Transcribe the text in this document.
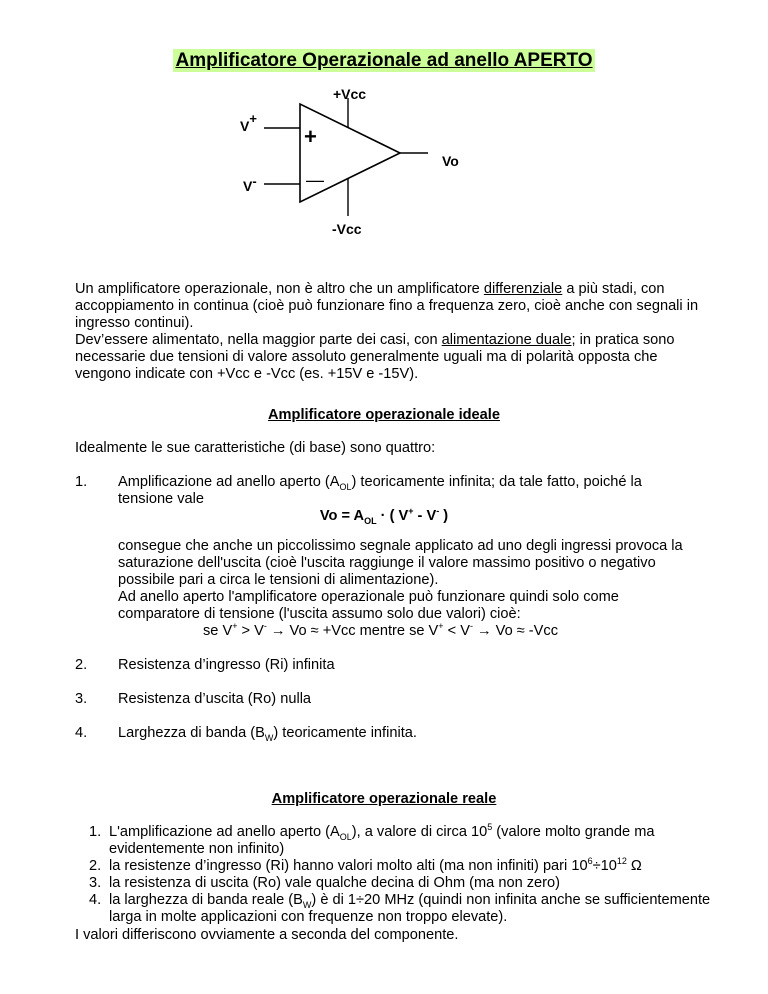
Amplificatore Operazionale ad anello APERTO
+Vcc
-Vcc
V+
V-
+
—
Vo
Un amplificatore operazionale, non è altro che un amplificatore differenziale a più stadi, con accoppiamento in continua (cioè può funzionare fino a frequenza zero, cioè anche con segnali in ingresso continui).
Dev’essere alimentato, nella maggior parte dei casi, con alimentazione duale; in pratica sono necessarie due tensioni di valore assoluto generalmente uguali ma di polarità opposta che vengono indicate con +Vcc e -Vcc (es. +15V e -15V).
Amplificatore operazionale ideale
Idealmente le sue caratteristiche (di base) sono quattro:
1. Amplificazione ad anello aperto $(A_{OL})$ teoricamente infinita; da tale fatto, poiché la tensione vale
$Vo = A_{OL}$ · ( V+ - V- )
consegue che anche un piccolissimo segnale applicato ad uno degli ingressi provoca la saturazione dell'uscita (cioè l'uscita raggiunge il valore massimo positivo o negativo possibile pari a circa le tensioni di alimentazione).
Ad anello aperto l'amplificatore operazionale può funzionare quindi solo come comparatore di tensione (l'uscita assumo solo due valori) cioè:
se V+ > V- → Vo ≈ +Vcc mentre se V+ < V- → Vo ≈ -Vcc
2. Resistenza d’ingresso (Ri) infinita
3. Resistenza d’uscita (Ro) nulla
4. Larghezza di banda $(B_W)$ teoricamente infinita.
Amplificatore operazionale reale
1. L'amplificazione ad anello aperto $(A_{OL})$, a valore di circa $10^5$ (valore molto grande ma evidentemente non infinito)
2. la resistenze d’ingresso (Ri) hanno valori molto alti (ma non infiniti) pari $10^6\div 10^{12}$ Ω
3. la resistenza di uscita (Ro) vale qualche decina di Ohm (ma non zero)
4. la larghezza di banda reale $(B_W)$ è di 1÷20 MHz (quindi non infinita anche se sufficientemente larga in molte applicazioni con frequenze non troppo elevate).
I valori differiscono ovviamente a seconda del componente.
